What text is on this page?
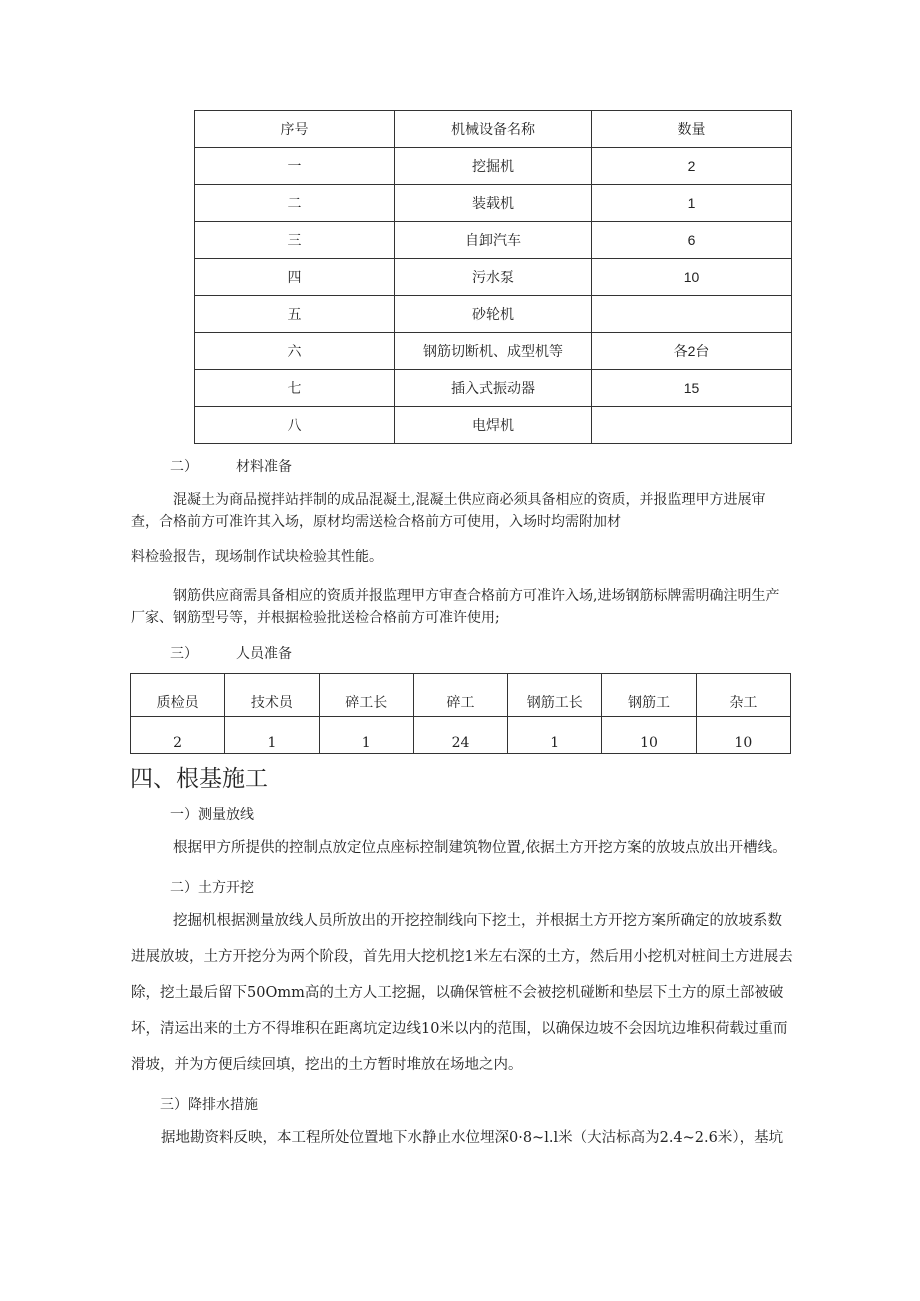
序号	机械设备名称	数量
一	挖掘机	2
二	装载机	1
三	自卸汽车	6
四	污水泵	10
五	砂轮机	
六	钢筋切断机、成型机等	各2台
七	插入式振动器	15
八	电焊机	
二）	材料准备

混凝土为商品搅拌站拌制的成品混凝土,混凝土供应商必须具备相应的资质，并报监理甲方进展审

查，合格前方可准许其入场，原材均需送检合格前方可使用，入场时均需附加材

料检验报告，现场制作试块检验其性能。

钢筋供应商需具备相应的资质并报监理甲方审查合格前方可准许入场,进场钢筋标牌需明确注明生产厂家、钢筋型号等，并根据检验批送检合格前方可准许使用;

三）	人员准备
质检员	技术员	碎工长	碎工	钢筋工长	钢筋工	杂工
2	1	1	24	1	10	10
四、根基施工
一）测量放线

根据甲方所提供的控制点放定位点座标控制建筑物位置,依据土方开挖方案的放坡点放出开槽线。

二）土方开挖

挖掘机根据测量放线人员所放出的开挖控制线向下挖土，并根据土方开挖方案所确定的放坡系数进展放坡，土方开挖分为两个阶段，首先用大挖机挖1米左右深的土方，然后用小挖机对桩间土方进展去除，挖土最后留下50Omm高的土方人工挖掘，以确保管桩不会被挖机碰断和垫层下土方的原土部被破坏，清运出来的土方不得堆积在距离坑定边线10米以内的范围，以确保边坡不会因坑边堆积荷载过重而滑坡，并为方便后续回填，挖出的土方暂时堆放在场地之内。

三）降排水措施

据地勘资料反映，本工程所处位置地下水静止水位埋深0·8~l.l米（大沽标高为2.4~2.6米），基坑
